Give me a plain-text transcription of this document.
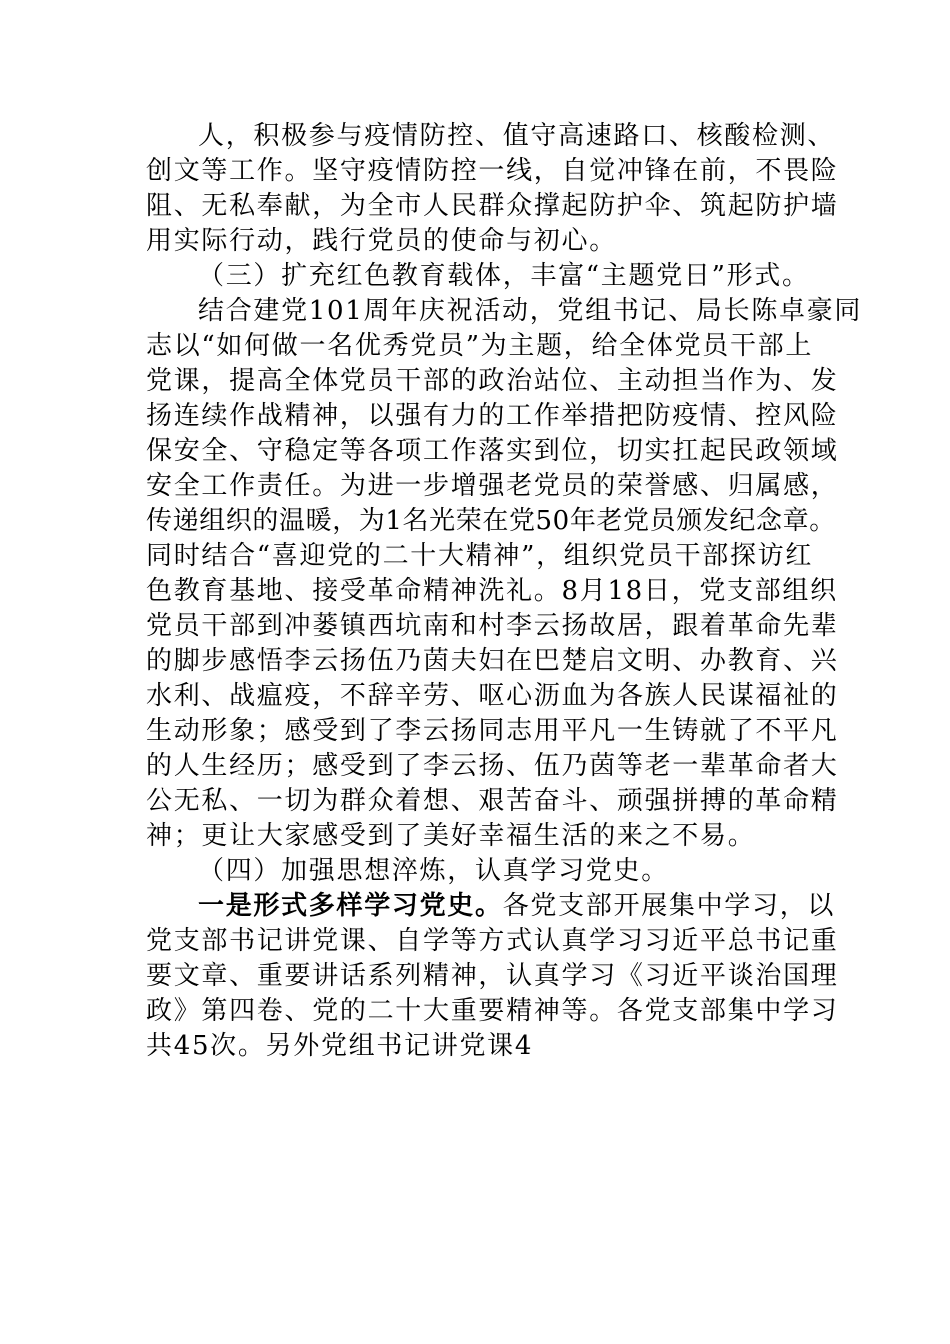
人，积极参与疫情防控、值守高速路口、核酸检测、
创文等工作。坚守疫情防控一线，自觉冲锋在前，不畏险
阻、无私奉献，为全市人民群众撑起防护伞、筑起防护墙
用实际行动，践行党员的使命与初心。
（三）扩充红色教育载体，丰富“主题党日”形式。
结合建党101周年庆祝活动，党组书记、局长陈卓豪同
志以“如何做一名优秀党员”为主题，给全体党员干部上
党课，提高全体党员干部的政治站位、主动担当作为、发
扬连续作战精神，以强有力的工作举措把防疫情、控风险
保安全、守稳定等各项工作落实到位，切实扛起民政领域
安全工作责任。为进一步增强老党员的荣誉感、归属感，
传递组织的温暖，为1名光荣在党50年老党员颁发纪念章。
同时结合“喜迎党的二十大精神”，组织党员干部探访红
色教育基地、接受革命精神洗礼。8月18日，党支部组织
党员干部到冲蒌镇西坑南和村李云扬故居，跟着革命先辈
的脚步感悟李云扬伍乃茵夫妇在巴楚启文明、办教育、兴
水利、战瘟疫，不辞辛劳、呕心沥血为各族人民谋福祉的
生动形象；感受到了李云扬同志用平凡一生铸就了不平凡
的人生经历；感受到了李云扬、伍乃茵等老一辈革命者大
公无私、一切为群众着想、艰苦奋斗、顽强拼搏的革命精
神；更让大家感受到了美好幸福生活的来之不易。
（四）加强思想淬炼，认真学习党史。
一是形式多样学习党史。各党支部开展集中学习，以
党支部书记讲党课、自学等方式认真学习习近平总书记重
要文章、重要讲话系列精神，认真学习《习近平谈治国理
政》第四卷、党的二十大重要精神等。各党支部集中学习
共45次。另外党组书记讲党课4
